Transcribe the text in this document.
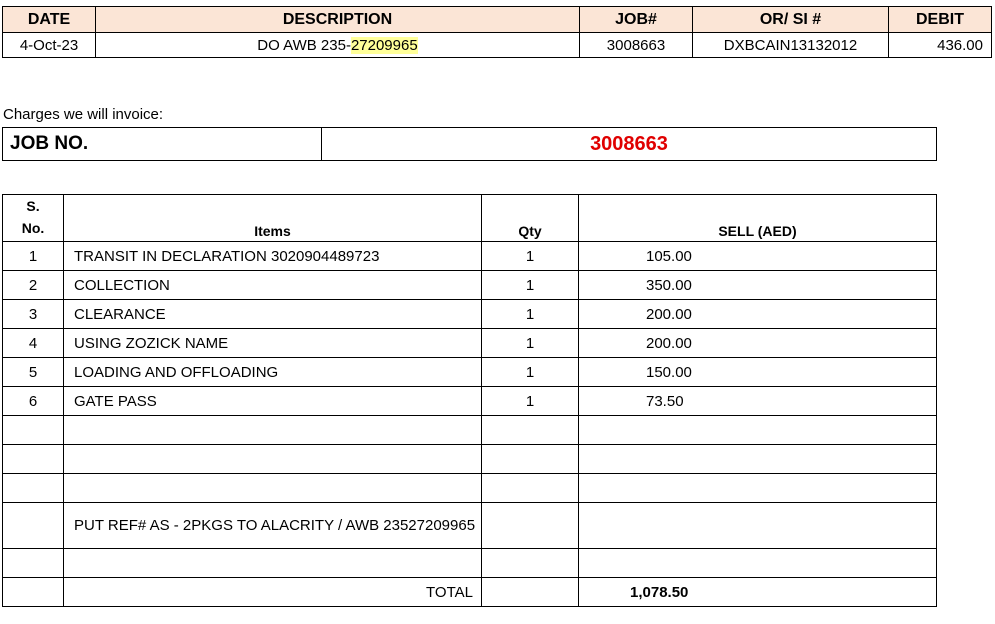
DATE	DESCRIPTION	JOB#	OR/ SI #	DEBIT
4-Oct-23	DO AWB 235-27209965	3008663	DXBCAIN13132012	436.00
Charges we will invoice:
JOB NO.	3008663
S.
No.	Items	Qty	SELL (AED)
1	TRANSIT IN DECLARATION 3020904489723	1	105.00
2	COLLECTION	1	350.00
3	CLEARANCE	1	200.00
4	USING ZOZICK NAME	1	200.00
5	LOADING AND OFFLOADING	1	150.00
6	GATE PASS	1	73.50

	PUT REF# AS - 2PKGS TO ALACRITY / AWB 23527209965		

	TOTAL		1,078.50
